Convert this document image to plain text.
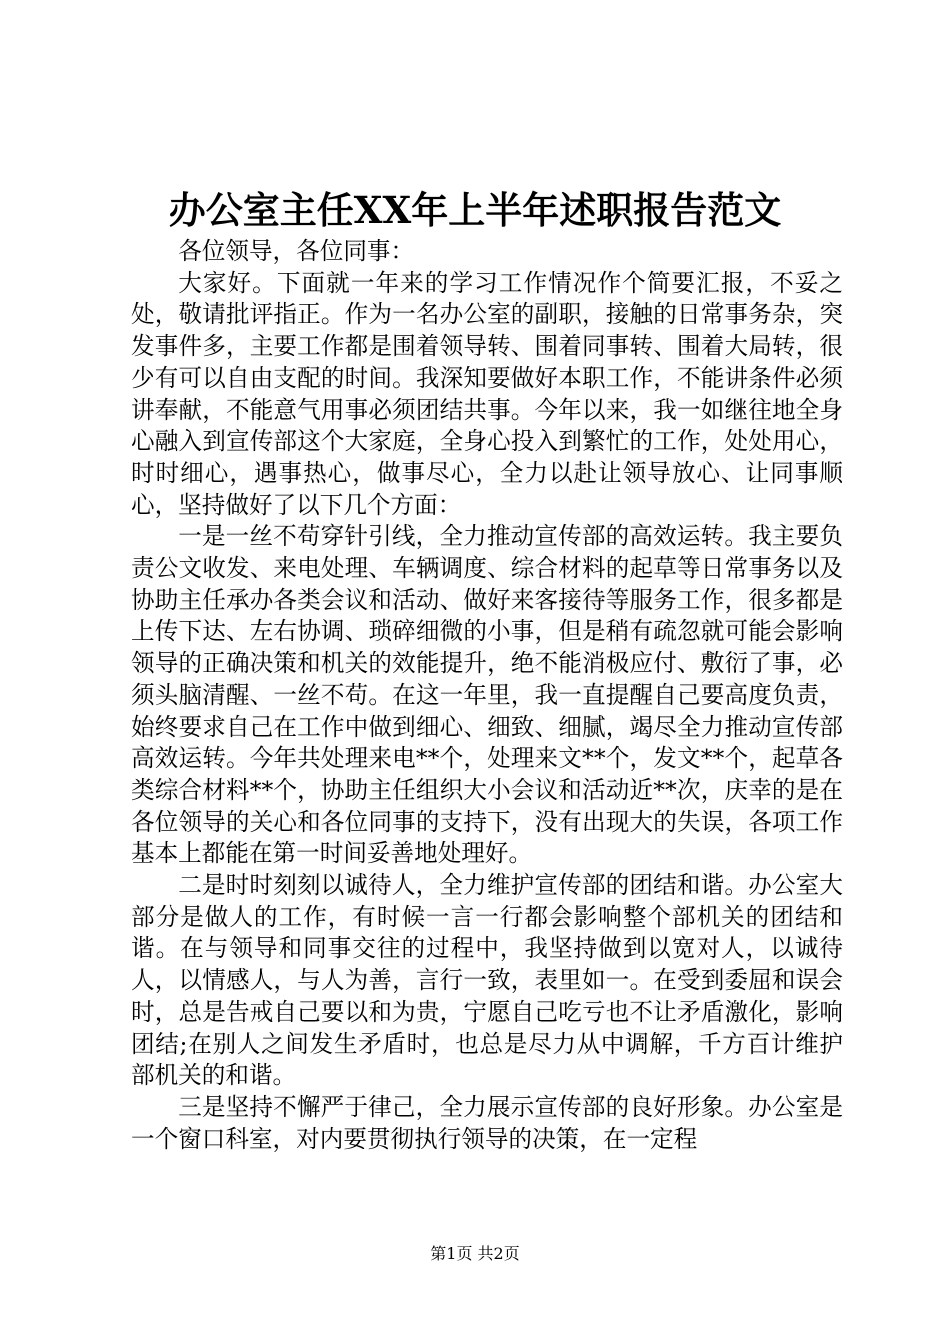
办公室主任XX年上半年述职报告范文

各位领导，各位同事：

大家好。下面就一年来的学习工作情况作个简要汇报，不妥之处，敬请批评指正。作为一名办公室的副职，接触的日常事务杂，突发事件多，主要工作都是围着领导转、围着同事转、围着大局转，很少有可以自由支配的时间。我深知要做好本职工作，不能讲条件必须讲奉献，不能意气用事必须团结共事。今年以来，我一如继往地全身心融入到宣传部这个大家庭，全身心投入到繁忙的工作，处处用心，时时细心，遇事热心，做事尽心，全力以赴让领导放心、让同事顺心，坚持做好了以下几个方面：

一是一丝不苟穿针引线，全力推动宣传部的高效运转。我主要负责公文收发、来电处理、车辆调度、综合材料的起草等日常事务以及协助主任承办各类会议和活动、做好来客接待等服务工作，很多都是上传下达、左右协调、琐碎细微的小事，但是稍有疏忽就可能会影响领导的正确决策和机关的效能提升，绝不能消极应付、敷衍了事，必须头脑清醒、一丝不苟。在这一年里，我一直提醒自己要高度负责，始终要求自己在工作中做到细心、细致、细腻，竭尽全力推动宣传部高效运转。今年共处理来电**个，处理来文**个，发文**个，起草各类综合材料**个，协助主任组织大小会议和活动近**次，庆幸的是在各位领导的关心和各位同事的支持下，没有出现大的失误，各项工作基本上都能在第一时间妥善地处理好。

二是时时刻刻以诚待人，全力维护宣传部的团结和谐。办公室大部分是做人的工作，有时候一言一行都会影响整个部机关的团结和谐。在与领导和同事交往的过程中，我坚持做到以宽对人，以诚待人，以情感人，与人为善，言行一致，表里如一。在受到委屈和误会时，总是告戒自己要以和为贵，宁愿自己吃亏也不让矛盾激化，影响团结;在别人之间发生矛盾时，也总是尽力从中调解，千方百计维护部机关的和谐。

三是坚持不懈严于律己，全力展示宣传部的良好形象。办公室是一个窗口科室，对内要贯彻执行领导的决策，在一定程

第1页 共2页
